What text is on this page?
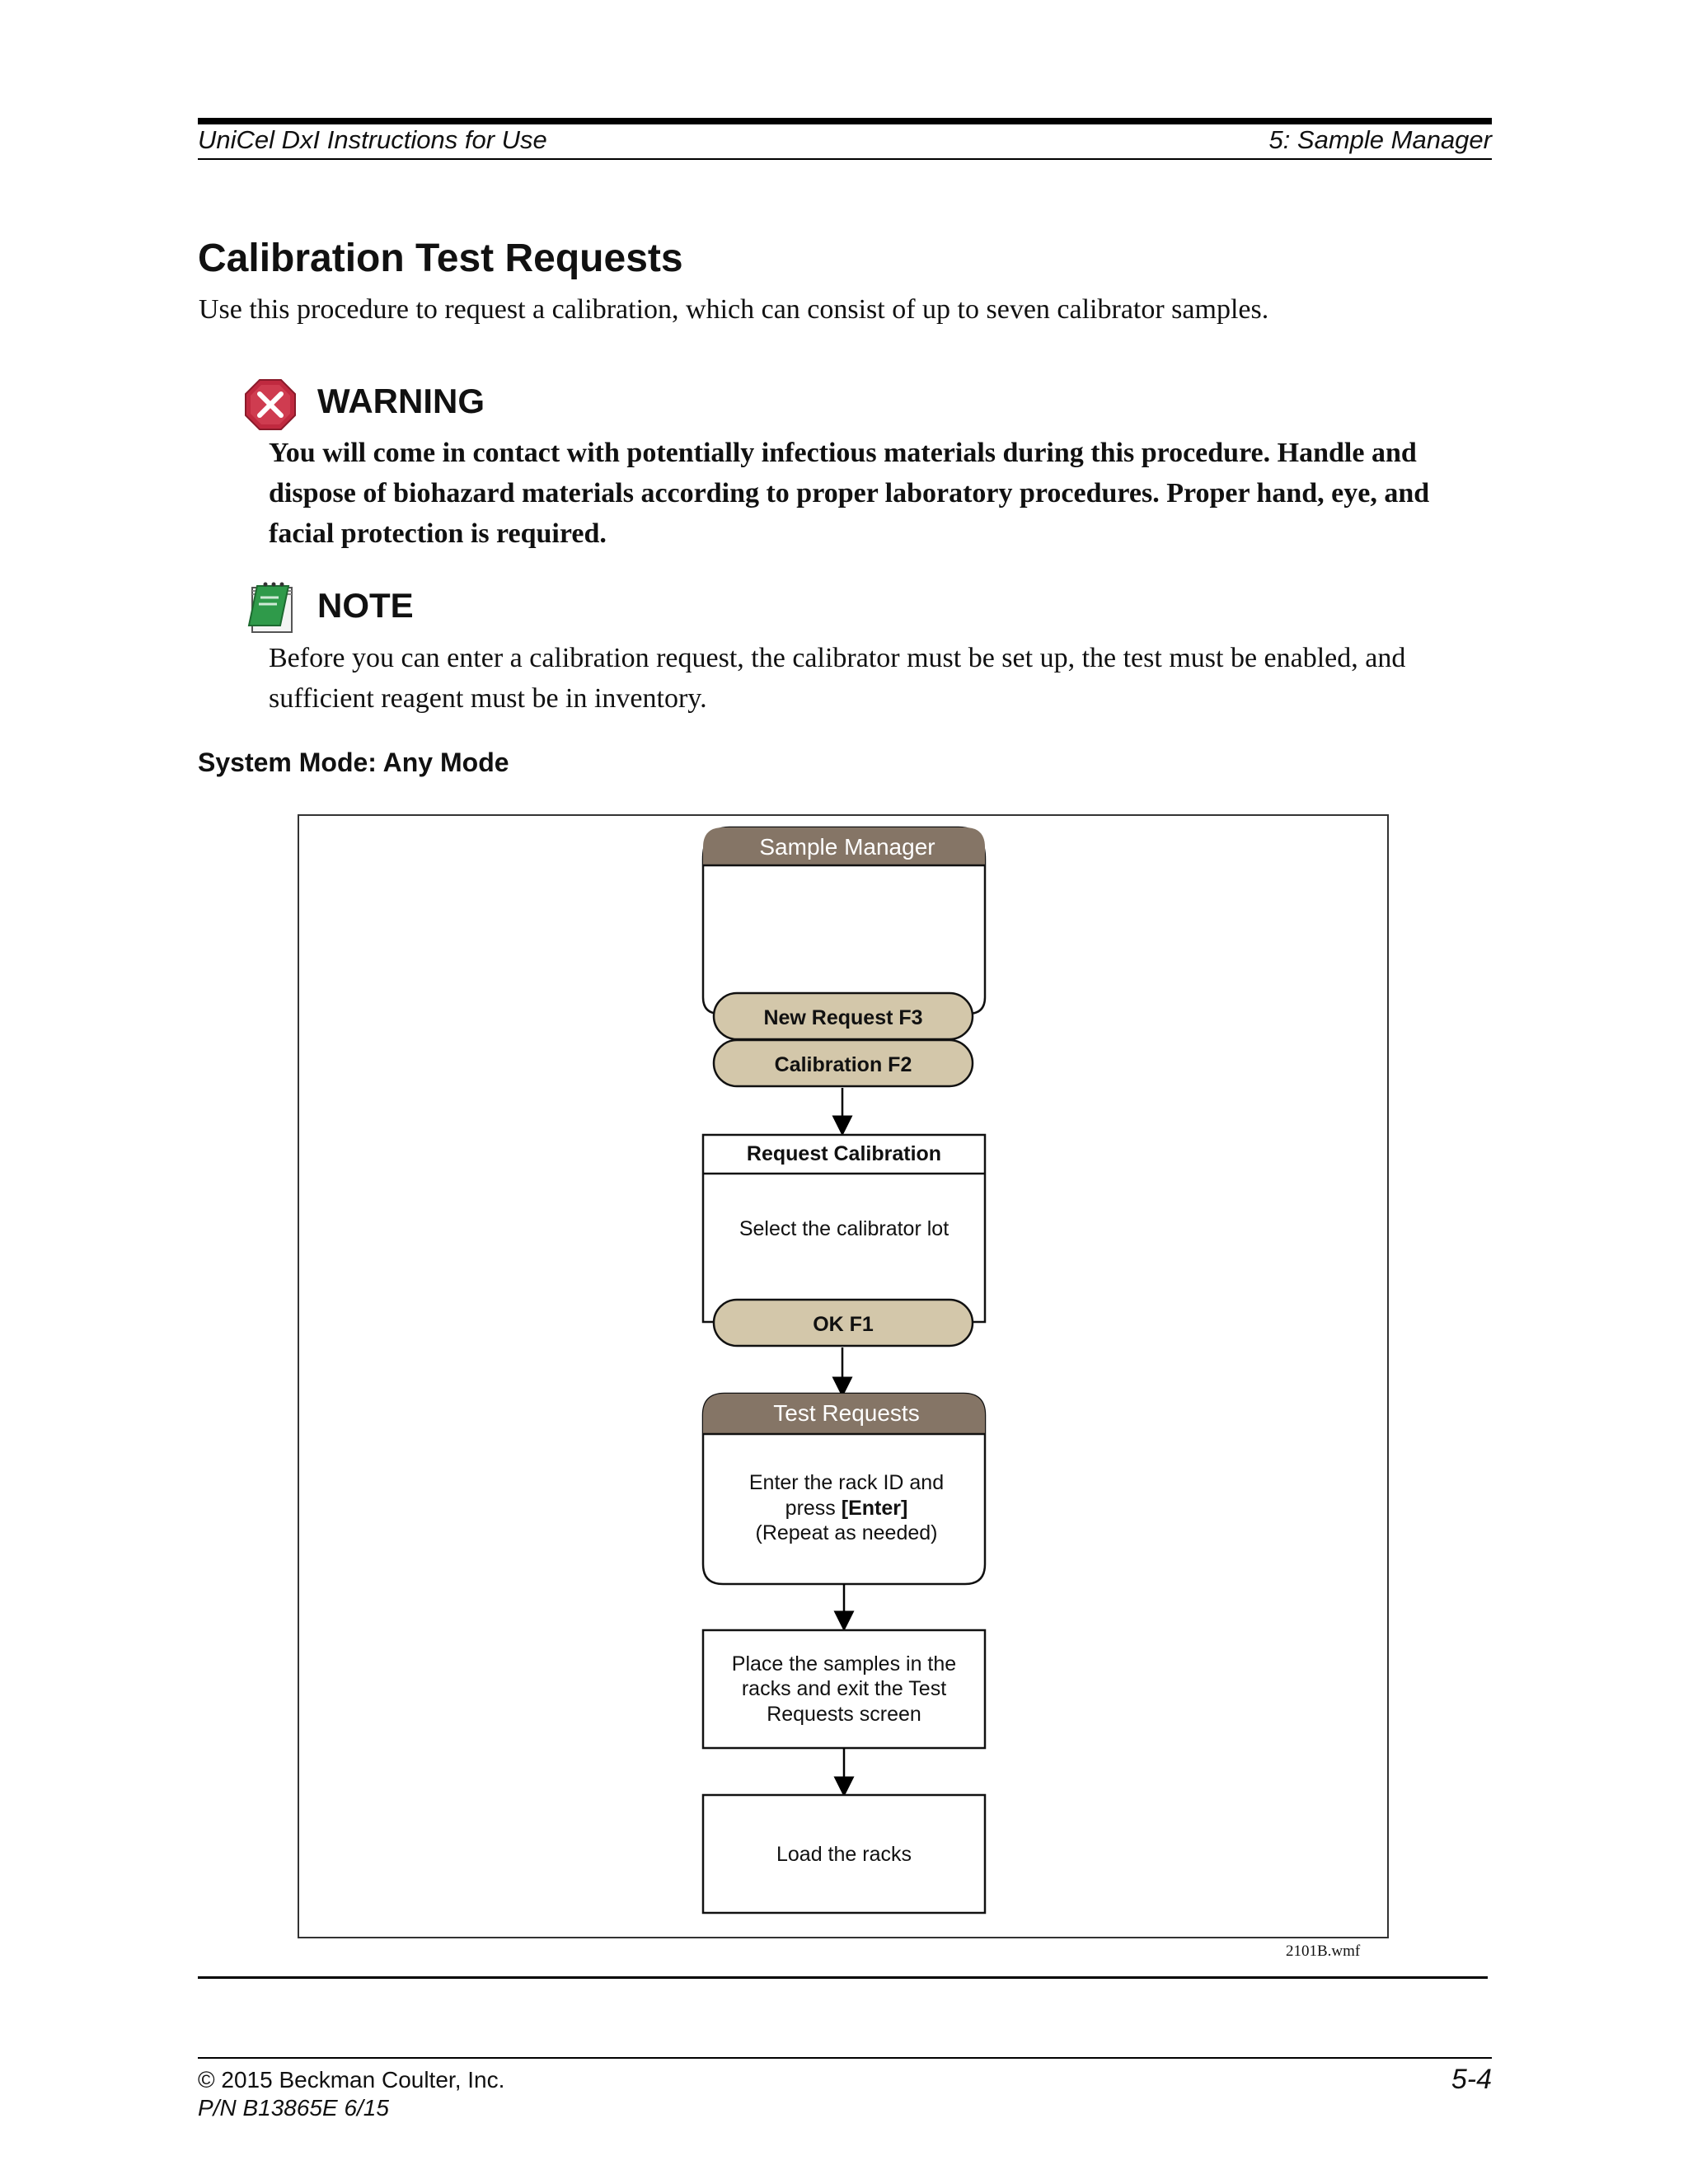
UniCel DxI Instructions for Use	5: Sample Manager
Calibration Test Requests
Use this procedure to request a calibration, which can consist of up to seven calibrator samples.
WARNING
You will come in contact with potentially infectious materials during this procedure. Handle and dispose of biohazard materials according to proper laboratory procedures. Proper hand, eye, and facial protection is required.
NOTE
Before you can enter a calibration request, the calibrator must be set up, the test must be enabled, and sufficient reagent must be in inventory.
System Mode: Any Mode
Sample Manager
New Request F3
Calibration F2
Request Calibration
Select the calibrator lot
OK F1
Test Requests
Enter the rack ID and
press [Enter]
(Repeat as needed)
Place the samples in the
racks and exit the Test
Requests screen
Load the racks
2101B.wmf
© 2015 Beckman Coulter, Inc.
P/N B13865E 6/15
5-4
